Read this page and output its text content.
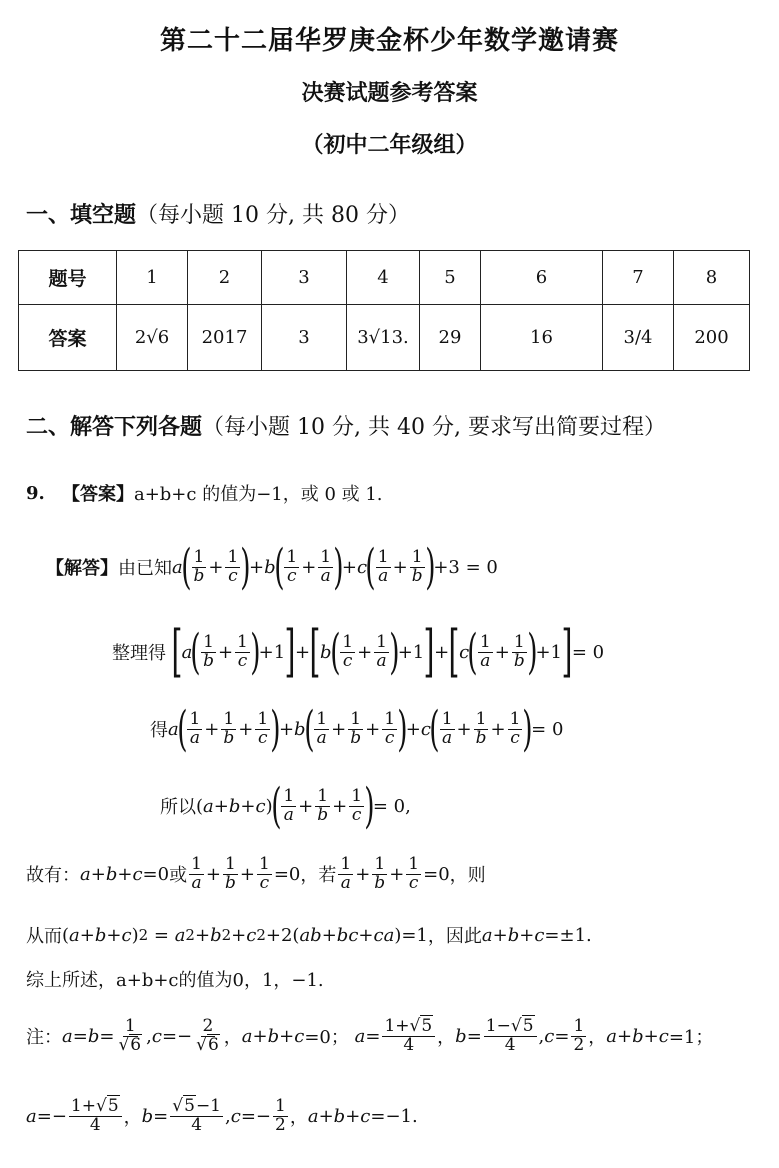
第二十二届华罗庚金杯少年数学邀请赛
决赛试题参考答案
（初中二年级组）
一、填空题（每小题 10 分, 共 80 分）
题号	1	2	3	4	5	6	7	8
答案	2√6	2017	3	3√13.	29	16	3/4	200
二、解答下列各题（每小题 10 分, 共 40 分, 要求写出简要过程）
9.
【答案】 a+b+c 的值为−1，或 0 或 1.
【解答】 由已知 a
( $\frac{1}{b} + \frac{1}{c}$ )
+ b
( $\frac{1}{c} + \frac{1}{a}$ )
+ c
( $\frac{1}{a} + \frac{1}{b}$ )
+3 = 0
整理得
[ a
( $\frac{1}{b} + \frac{1}{c}$ )
+1 ] + [ b
( $\frac{1}{c} + \frac{1}{a}$ )
+1 ] + [ c
( $\frac{1}{a} + \frac{1}{b}$ )
+1 ] = 0
得 a
( $\frac{1}{a} + \frac{1}{b} + \frac{1}{c}$ )
+ b
( $\frac{1}{a} + \frac{1}{b} + \frac{1}{c}$ )
+ c
( $\frac{1}{a} + \frac{1}{b} + \frac{1}{c}$ )
= 0
所以 ( a + b + c )
( $\frac{1}{a} + \frac{1}{b} + \frac{1}{c}$ )
= 0,
故有： a + b + c =0 或 $\frac{1}{a} + \frac{1}{b} + \frac{1}{c} =0$ ，若 $\frac{1}{a} + \frac{1}{b} + \frac{1}{c} =0$ ，则
从而 ( a + b + c ) 2 = a 2 + b 2 + c 2 +2( ab + bc + ca )=1 ，因此 a + b + c =±1.
综上所述，a+b+c的值为0，1，−1.
注： $a = b = \frac{1}{√6}$ , $c =- \frac{2}{√6}$ ， a + b + c =0； $a = \frac{1+√5}{4}$ ， $b = \frac{1-√5}{4}$ , $c = \frac{1}{2}$ ， a + b + c =1；
$a =- \frac{1+√5}{4}$ ， $b = \frac{√5-1}{4}$ , $c =- \frac{1}{2}$ ， a + b + c =−1.
